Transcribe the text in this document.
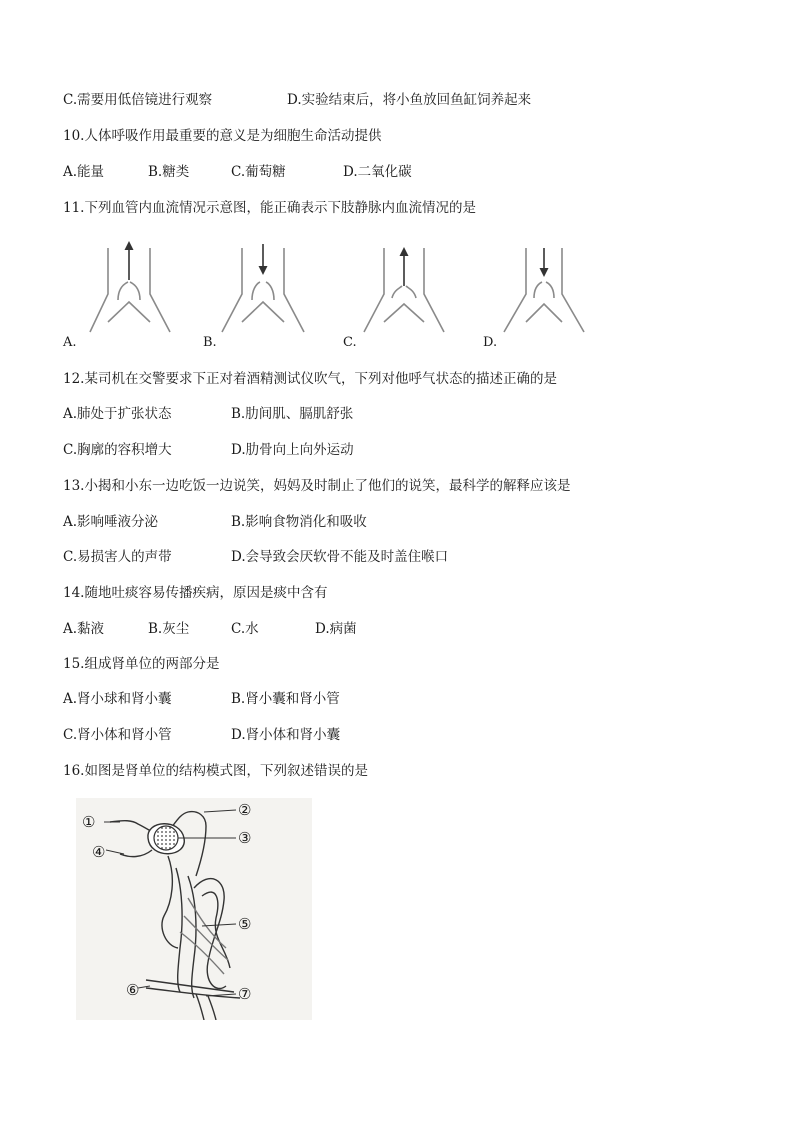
C.需要用低倍镜进行观察	D.实验结束后，将小鱼放回鱼缸饲养起来
10.人体呼吸作用最重要的意义是为细胞生命活动提供
A.能量	B.糖类	C.葡萄糖	D.二氧化碳
11.下列血管内血流情况示意图，能正确表示下肢静脉内血流情况的是
A.	B.	C.	D.
12.某司机在交警要求下正对着酒精测试仪吹气，下列对他呼气状态的描述正确的是
A.肺处于扩张状态	B.肋间肌、膈肌舒张
C.胸廓的容积增大	D.肋骨向上向外运动
13.小揭和小东一边吃饭一边说笑，妈妈及时制止了他们的说笑，最科学的解释应该是
A.影响唾液分泌	B.影响食物消化和吸收
C.易损害人的声带	D.会导致会厌软骨不能及时盖住喉口
14.随地吐痰容易传播疾病，原因是痰中含有
A.黏液	B.灰尘	C.水	D.病菌
15.组成肾单位的两部分是
A.肾小球和肾小囊	B.肾小囊和肾小管
C.肾小体和肾小管	D.肾小体和肾小囊
16.如图是肾单位的结构模式图，下列叙述错误的是
①
②
③
④
⑤
⑥	⑦
